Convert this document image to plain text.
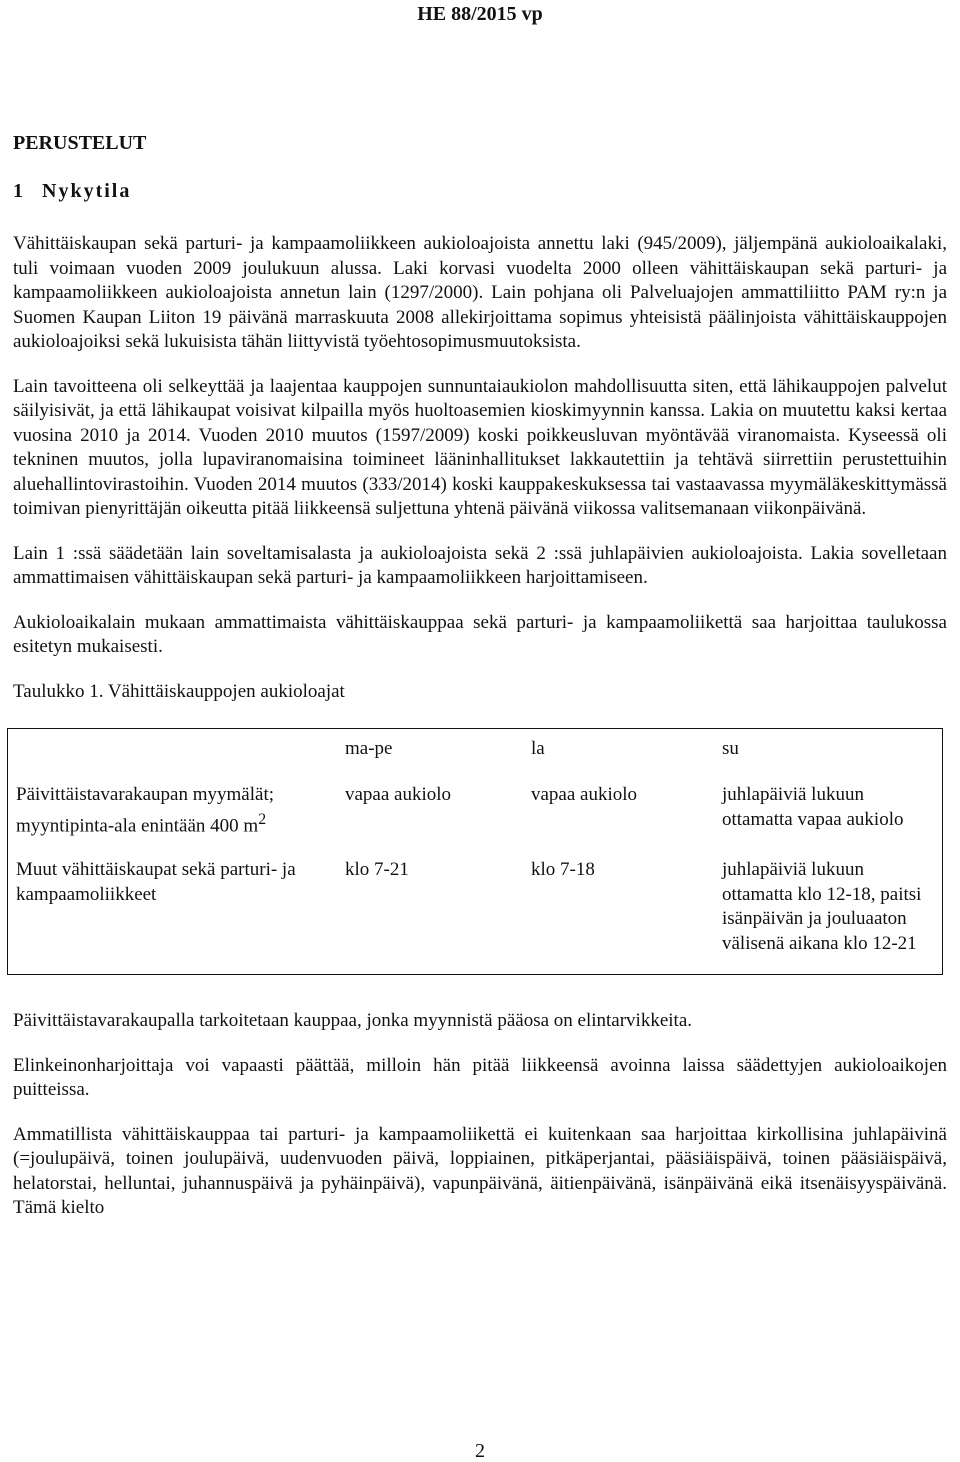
HE 88/2015 vp
PERUSTELUT
1 Nykytila

Vähittäiskaupan sekä parturi- ja kampaamoliikkeen aukioloajoista annettu laki (945/2009), jäljempänä aukioloaikalaki, tuli voimaan vuoden 2009 joulukuun alussa. Laki korvasi vuodelta 2000 olleen vähittäiskaupan sekä parturi- ja kampaamoliikkeen aukioloajoista annetun lain (1297/2000). Lain pohjana oli Palveluajojen ammattiliitto PAM ry:n ja Suomen Kaupan Liiton 19 päivänä marraskuuta 2008 allekirjoittama sopimus yhteisistä päälinjoista vähittäiskauppojen aukioloajoiksi sekä lukuisista tähän liittyvistä työehtosopimusmuutoksista.

Lain tavoitteena oli selkeyttää ja laajentaa kauppojen sunnuntaiaukiolon mahdollisuutta siten, että lähikauppojen palvelut säilyisivät, ja että lähikaupat voisivat kilpailla myös huoltoasemien kioskimyynnin kanssa. Lakia on muutettu kaksi kertaa vuosina 2010 ja 2014. Vuoden 2010 muutos (1597/2009) koski poikkeusluvan myöntävää viranomaista. Kyseessä oli tekninen muutos, jolla lupaviranomaisina toimineet lääninhallitukset lakkautettiin ja tehtävä siirrettiin perustettuihin aluehallintovirastoihin. Vuoden 2014 muutos (333/2014) koski kauppakeskuksessa tai vastaavassa myymäläkeskittymässä toimivan pienyrittäjän oikeutta pitää liikkeensä suljettuna yhtenä päivänä viikossa valitsemanaan viikonpäivänä.

Lain 1 :ssä säädetään lain soveltamisalasta ja aukioloajoista sekä 2 :ssä juhlapäivien aukioloajoista. Lakia sovelletaan ammattimaisen vähittäiskaupan sekä parturi- ja kampaamoliikkeen harjoittamiseen.

Aukioloaikalain mukaan ammattimaista vähittäiskauppaa sekä parturi- ja kampaamoliikettä saa harjoittaa taulukossa esitetyn mukaisesti.

Taulukko 1. Vähittäiskauppojen aukioloajat
	ma-pe	la	su
Päivittäistavarakaupan myymälät; myyntipinta-ala enintään 400 $m^2$	vapaa aukiolo	vapaa aukiolo	juhlapäiviä lukuun ottamatta vapaa aukiolo
Muut vähittäiskaupat sekä parturi- ja kampaamoliikkeet	klo 7-21	klo 7-18	juhlapäiviä lukuun ottamatta klo 12-18, paitsi isänpäivän ja jouluaaton välisenä aikana klo 12-21

Päivittäistavarakaupalla tarkoitetaan kauppaa, jonka myynnistä pääosa on elintarvikkeita.

Elinkeinonharjoittaja voi vapaasti päättää, milloin hän pitää liikkeensä avoinna laissa säädettyjen aukioloaikojen puitteissa.

Ammatillista vähittäiskauppaa tai parturi- ja kampaamoliikettä ei kuitenkaan saa harjoittaa kirkollisina juhlapäivinä (=joulupäivä, toinen joulupäivä, uudenvuoden päivä, loppiainen, pitkäperjantai, pääsiäispäivä, toinen pääsiäispäivä, helatorstai, helluntai, juhannuspäivä ja pyhäinpäivä), vapunpäivänä, äitienpäivänä, isänpäivänä eikä itsenäisyyspäivänä. Tämä kielto

2
